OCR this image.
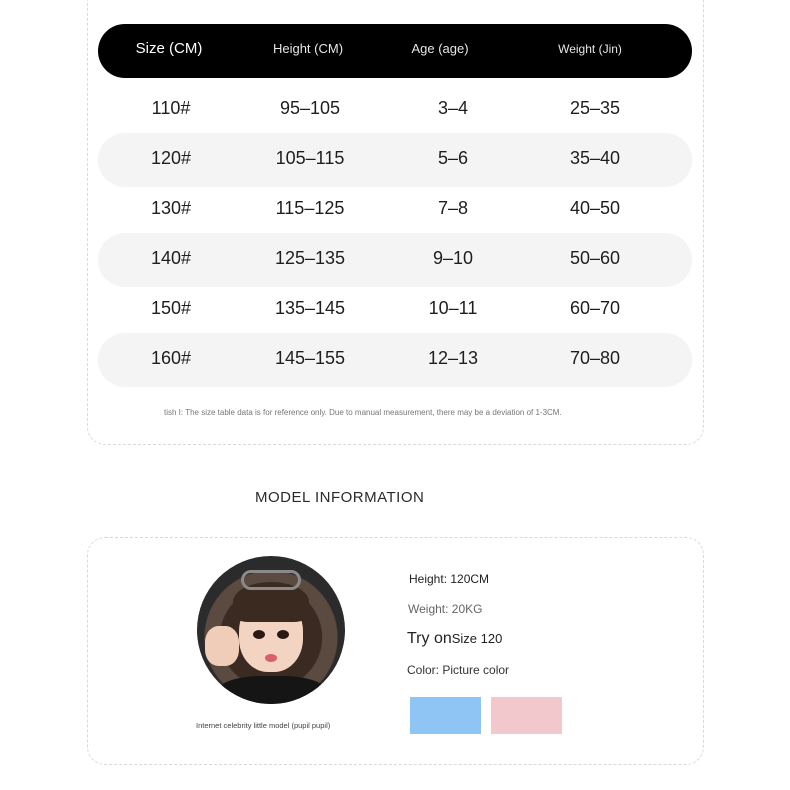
Size (CM)	Height (CM)	Age (age)	Weight (Jin)
110#	95–105	3–4	25–35
120#	105–115	5–6	35–40
130#	115–125	7–8	40–50
140#	125–135	9–10	50–60
150#	135–145	10–11	60–70
160#	145–155	12–13	70–80
tish I: The size table data is for reference only. Due to manual measurement, there may be a deviation of 1-3CM.
MODEL INFORMATION
Internet celebrity little model (pupil pupil)
Height: 120CM
Weight: 20KG
Try onSize 120
Color: Picture color
